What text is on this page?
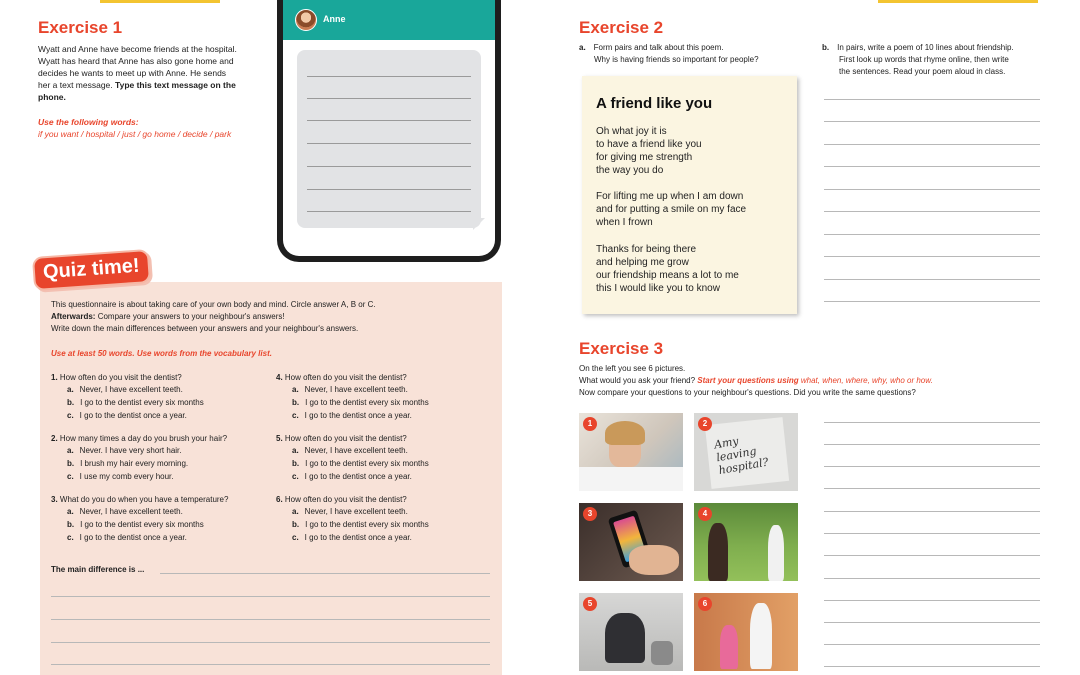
Exercise 1
Wyatt and Anne have become friends at the hospital.
Wyatt has heard that Anne has also gone home and
decides he wants to meet up with Anne. He sends
her a text message. Type this text message on the
phone.
Use the following words:
if you want / hospital / just / go home / decide / park
Anne
Quiz time!
This questionnaire is about taking care of your own body and mind. Circle answer A, B or C.
Afterwards: Compare your answers to your neighbour's answers!
Write down the main differences between your answers and your neighbour's answers.
Use at least 50 words. Use words from the vocabulary list.
1. How often do you visit the dentist?
a. Never, I have excellent teeth.
b. I go to the dentist every six months
c. I go to the dentist once a year.
2. How many times a day do you brush your hair?
a. Never. I have very short hair.
b. I brush my hair every morning.
c. I use my comb every hour.
3. What do you do when you have a temperature?
a. Never, I have excellent teeth.
b. I go to the dentist every six months
c. I go to the dentist once a year.
4. How often do you visit the dentist?
a. Never, I have excellent teeth.
b. I go to the dentist every six months
c. I go to the dentist once a year.
5. How often do you visit the dentist?
a. Never, I have excellent teeth.
b. I go to the dentist every six months
c. I go to the dentist once a year.
6. How often do you visit the dentist?
a. Never, I have excellent teeth.
b. I go to the dentist every six months
c. I go to the dentist once a year.
The main difference is ...
Exercise 2
a. Form pairs and talk about this poem.
Why is having friends so important for people?
b. In pairs, write a poem of 10 lines about friendship.
First look up words that rhyme online, then write
the sentences. Read your poem aloud in class.
A friend like you
Oh what joy it is
to have a friend like you
for giving me strength
the way you do
For lifting me up when I am down
and for putting a smile on my face
when I frown
Thanks for being there
and helping me grow
our friendship means a lot to me
this I would like you to know
Exercise 3
On the left you see 6 pictures.
What would you ask your friend? Start your questions using what, when, where, why, who or how.
Now compare your questions to your neighbour's questions. Did you write the same questions?
1
Amy leaving hospital?
2
3	4
5	6
